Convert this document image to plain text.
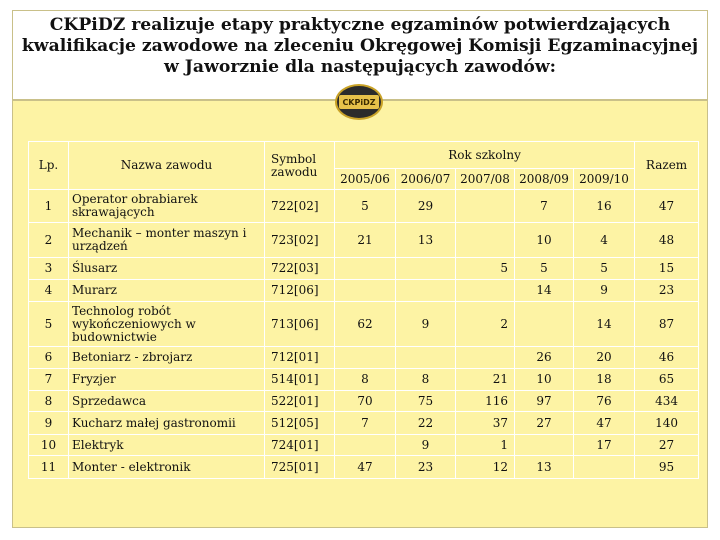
CKPiDZ realizuje etapy praktyczne egzaminów potwierdzających
kwalifikacje zawodowe na zleceniu Okręgowej Komisji Egzaminacyjnej
w Jaworznie dla następujących zawodów:
CKPiDZ
Lp.	Nazwa zawodu	Symbol zawodu	Rok szkolny					Razem
			2005/06	2006/07	2007/08	2008/09	2009/10	
1	Operator obrabiarek skrawających	722[02]	5	29		7	16	47
2	Mechanik – monter maszyn i urządzeń	723[02]	21	13		10	4	48
3	Ślusarz	722[03]			5	5	5	15
4	Murarz	712[06]				14	9	23
5	Technolog robót wykończeniowych w budownictwie	713[06]	62	9	2		14	87
6	Betoniarz - zbrojarz	712[01]				26	20	46
7	Fryzjer	514[01]	8	8	21	10	18	65
8	Sprzedawca	522[01]	70	75	116	97	76	434
9	Kucharz małej gastronomii	512[05]	7	22	37	27	47	140
10	Elektryk	724[01]		9	1		17	27
11	Monter - elektronik	725[01]	47	23	12	13		95
